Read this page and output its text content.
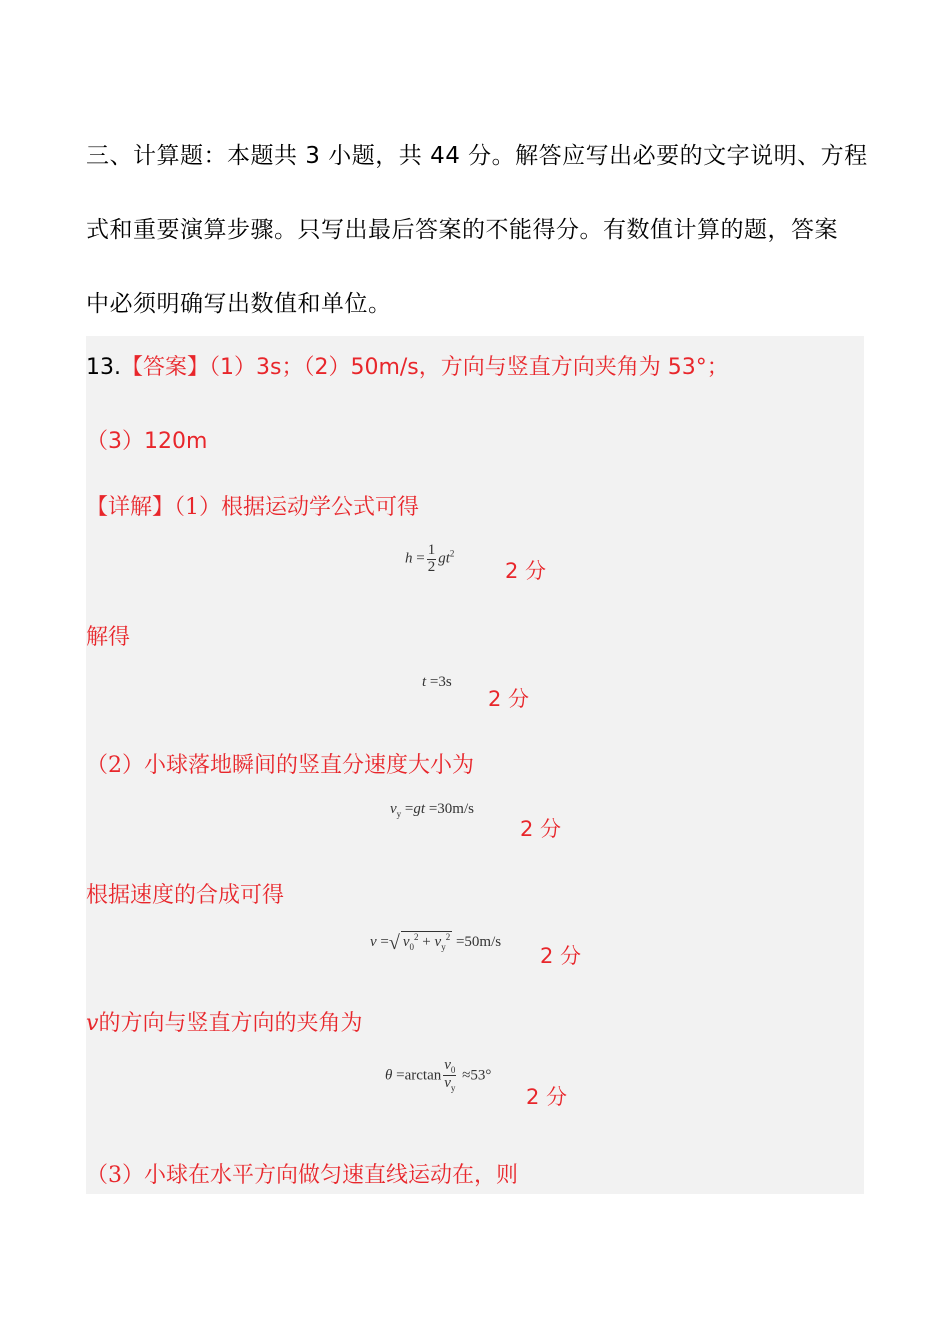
三、计算题：本题共 3 小题，共 44 分。解答应写出必要的文字说明、方程
式和重要演算步骤。只写出最后答案的不能得分。有数值计算的题，答案
中必须明确写出数值和单位。
13.【答案】（1）3s；（2）50m/s，方向与竖直方向夹角为 53°；
（3）120m
【详解】（1）根据运动学公式可得
$h = \frac{1}{2} gt^2$
2 分
解得
t =3s
2 分
（2）小球落地瞬间的竖直分速度大小为
$v_y =gt =30m/s$
2 分
根据速度的合成可得
v =√ $v_0^2 + v_y^2 =50m/s$
2 分
v的方向与竖直方向的夹角为
$\theta =\arctan \frac{v_0}{v_y} \approx 53^\circ$
2 分
（3）小球在水平方向做匀速直线运动在，则
